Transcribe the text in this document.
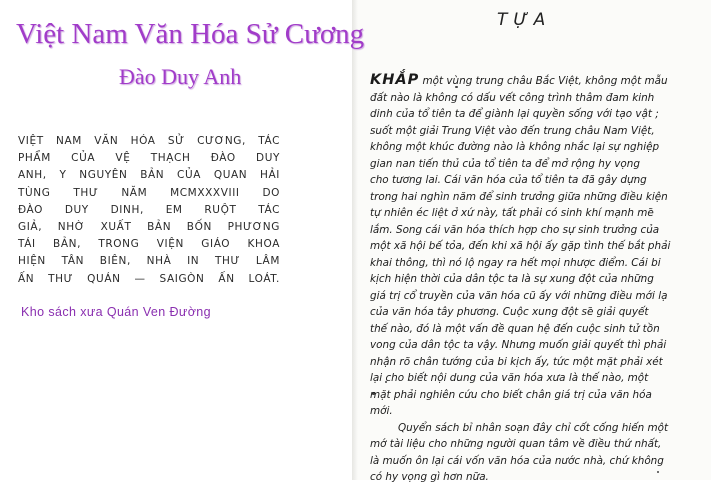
Việt Nam Văn Hóa Sử Cương
Đào Duy Anh
VIỆT NAM VĂN HÓA SỬ CƯƠNG, TÁC
PHẨM CỦA VỆ THẠCH ĐÀO DUY
ANH, Y NGUYÊN BẢN CỦA QUAN HẢI
TÙNG THƯ NĂM MCMXXXVIII DO
ĐÀO DUY DINH, EM RUỘT TÁC
GIẢ, NHỜ XUẤT BẢN BỐN PHƯƠNG
TÁI BẢN, TRONG VIỆN GIÁO KHOA
HIỆN TÂN BIÊN, NHÀ IN THƯ LÂM
ẤN THƯ QUÁN — SAIGÒN ẤN LOÁT.
Kho sách xưa Quán Ven Đường
TỰA
KHẮP một vùng trung châu Bắc Việt, không một mẫu
đất nào là không có dấu vết công trình thâm đam kinh
dinh của tổ tiên ta để giành lại quyền sống với tạo vật ;
suốt một giải Trung Việt vào đến trung châu Nam Việt,
không một khúc đường nào là không nhắc lại sự nghiệp
gian nan tiến thủ của tổ tiên ta để mở rộng hy vọng
cho tương lai. Cái văn hóa của tổ tiên ta đã gây dựng
trong hai nghìn năm để sinh trưởng giữa những điều kiện
tự nhiên éc liệt ở xứ này, tất phải có sinh khí mạnh mẽ
lắm. Song cái văn hóa thích hợp cho sự sinh trưởng của
một xã hội bế tỏa, đến khi xã hội ấy gặp tình thế bắt phải
khai thông, thì nó lộ ngay ra hết mọi nhược điểm. Cái bi
kịch hiện thời của dân tộc ta là sự xung đột của những
giá trị cổ truyền của văn hóa cũ ấy với những điều mới lạ
của văn hóa tây phương. Cuộc xung đột sẽ giải quyết
thế nào, đó là một vấn đề quan hệ đến cuộc sinh tử tồn
vong của dân tộc ta vậy. Nhưng muốn giải quyết thì phải
nhận rõ chân tướng của bi kịch ấy, tức một mặt phải xét
lại cho biết nội dung của văn hóa xưa là thế nào, một
mặt phải nghiên cứu cho biết chân giá trị của văn hóa
mới.
Quyển sách bỉ nhân soạn đây chỉ cốt cống hiến một
mớ tài liệu cho những người quan tâm về điều thứ nhất,
là muốn ôn lại cái vốn văn hóa của nước nhà, chứ không
có hy vọng gì hơn nữa.
